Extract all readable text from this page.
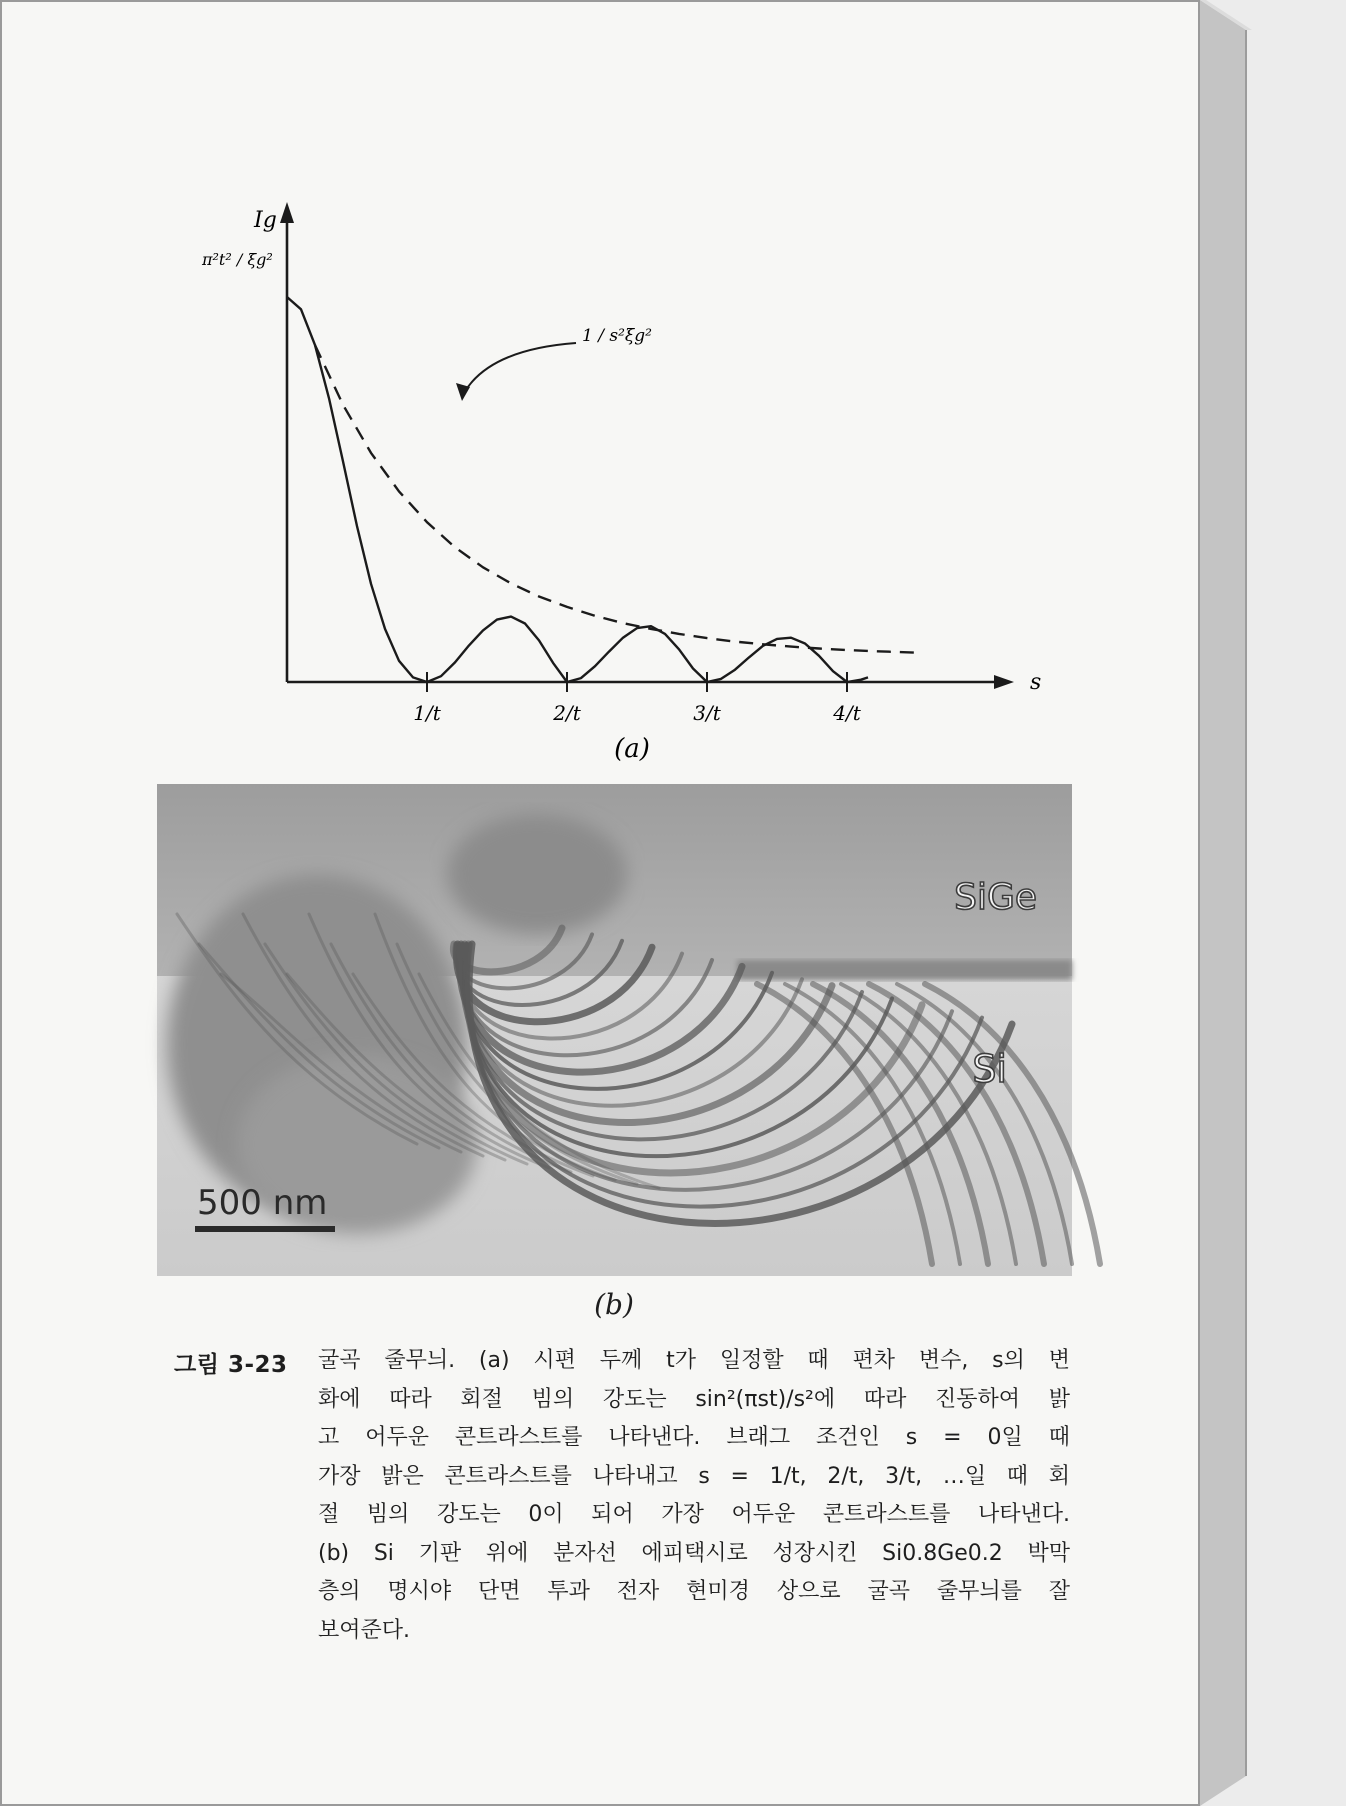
Ig
s
π²t² / ξg²
1/t	2/t	3/t	4/t
1 / s²ξg²
(a)
SiGe
Si
500 nm
(b)
그림 3-23 굴곡 줄무늬. (a) 시편 두께 t가 일정할 때 편차 변수, s의 변
화에 따라 회절 빔의 강도는 sin²(πst)/s²에 따라 진동하여 밝
고 어두운 콘트라스트를 나타낸다. 브래그 조건인 s = 0일 때
가장 밝은 콘트라스트를 나타내고 s = 1/t, 2/t, 3/t, …일 때 회
절 빔의 강도는 0이 되어 가장 어두운 콘트라스트를 나타낸다.
(b) Si 기판 위에 분자선 에피택시로 성장시킨 Si0.8Ge0.2 박막
층의 명시야 단면 투과 전자 현미경 상으로 굴곡 줄무늬를 잘
보여준다.
